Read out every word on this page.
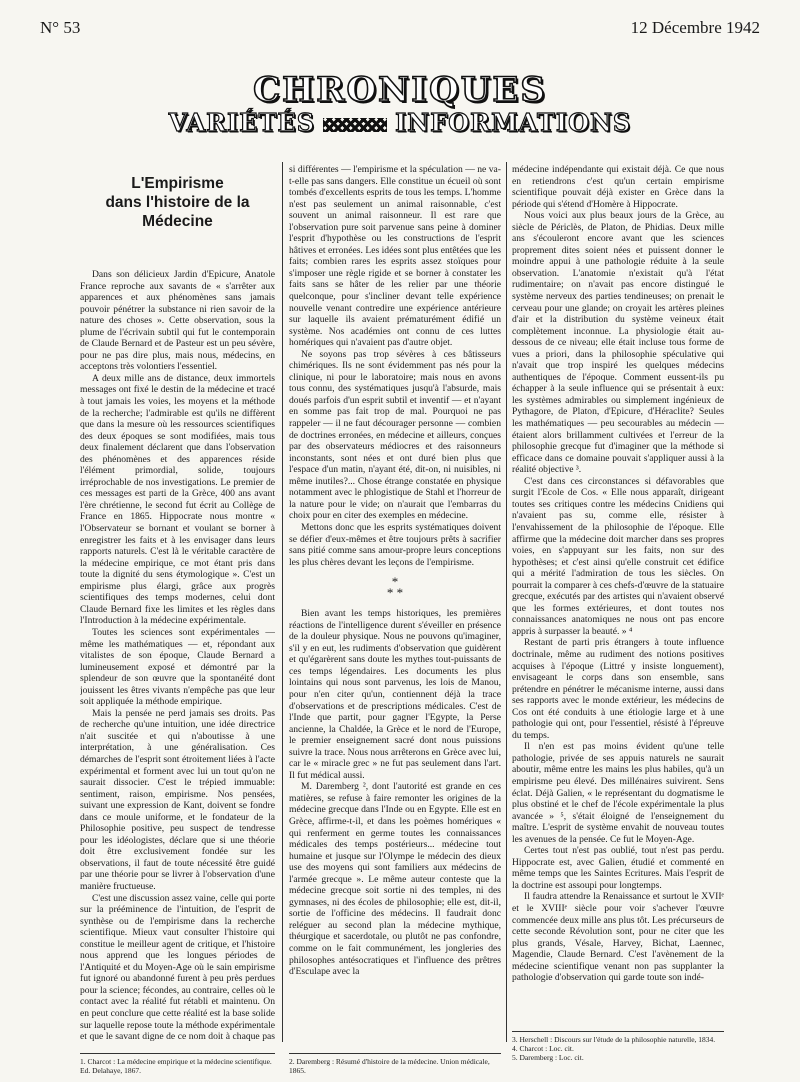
N° 53	12 Décembre 1942
CHRONIQUES
VARIÉTÉS	INFORMATIONS
L'Empirisme
dans l'histoire de la Médecine

Dans son délicieux Jardin d'Epicure, Anatole France reproche aux savants de « s'arrêter aux apparences et aux phénomènes sans jamais pouvoir pénétrer la substance ni rien savoir de la nature des choses ». Cette observation, sous la plume de l'écrivain subtil qui fut le contemporain de Claude Bernard et de Pasteur est un peu sévère, pour ne pas dire plus, mais nous, médecins, en acceptons très volontiers l'essentiel.

A deux mille ans de distance, deux immortels messages ont fixé le destin de la médecine et tracé à tout jamais les voies, les moyens et la méthode de la recherche; l'admirable est qu'ils ne diffèrent que dans la mesure où les ressources scientifiques des deux époques se sont modifiées, mais tous deux finalement déclarent que dans l'observation des phénomènes et des apparences réside l'élément primordial, solide, toujours irréprochable de nos investigations. Le premier de ces messages est parti de la Grèce, 400 ans avant l'ère chrétienne, le second fut écrit au Collège de France en 1865. Hippocrate nous montre « l'Observateur se bornant et voulant se borner à enregistrer les faits et à les envisager dans leurs rapports naturels. C'est là le véritable caractère de la médecine empirique, ce mot étant pris dans toute la dignité du sens étymologique ». C'est un empirisme plus élargi, grâce aux progrès scientifiques des temps modernes, celui dont Claude Bernard fixe les limites et les règles dans l'Introduction à la médecine expérimentale.

Toutes les sciences sont expérimentales — même les mathématiques — et, répondant aux vitalistes de son époque, Claude Bernard a lumineusement exposé et démontré par la splendeur de son œuvre que la spontanéité dont jouissent les êtres vivants n'empêche pas que leur soit appliquée la méthode empirique.

Mais la pensée ne perd jamais ses droits. Pas de recherche qu'une intuition, une idée directrice n'ait suscitée et qui n'aboutisse à une interprétation, à une généralisation. Ces démarches de l'esprit sont étroitement liées à l'acte expérimental et forment avec lui un tout qu'on ne saurait dissocier. C'est le trépied immuable: sentiment, raison, empirisme. Nos pensées, suivant une expression de Kant, doivent se fondre dans ce moule uniforme, et le fondateur de la Philosophie positive, peu suspect de tendresse pour les idéologistes, déclare que si une théorie doit être exclusivement fondée sur les observations, il faut de toute nécessité être guidé par une théorie pour se livrer à l'observation d'une manière fructueuse.

C'est une discussion assez vaine, celle qui porte sur la prééminence de l'intuition, de l'esprit de synthèse ou de l'empirisme dans la recherche scientifique. Mieux vaut consulter l'histoire qui constitue le meilleur agent de critique, et l'histoire nous apprend que les longues périodes de l'Antiquité et du Moyen-Age où le sain empirisme fut ignoré ou abandonné furent à peu près perdues pour la science; fécondes, au contraire, celles où le contact avec la réalité fut rétabli et maintenu. On en peut conclure que cette réalité est la base solide sur laquelle repose toute la méthode expérimentale et que le savant digne de ce nom doit à chaque pas

si différentes — l'empirisme et la spéculation — ne va-t-elle pas sans dangers. Elle constitue un écueil où sont tombés d'excellents esprits de tous les temps. L'homme n'est pas seulement un animal raisonnable, c'est souvent un animal raisonneur. Il est rare que l'observation pure soit parvenue sans peine à dominer l'esprit d'hypothèse ou les constructions de l'esprit hâtives et erronées. Les idées sont plus entêtées que les faits; combien rares les esprits assez stoïques pour s'imposer une règle rigide et se borner à constater les faits sans se hâter de les relier par une théorie quelconque, pour s'incliner devant telle expérience nouvelle venant contredire une expérience antérieure sur laquelle ils avaient prématurément édifié un système. Nos académies ont connu de ces luttes homériques qui n'avaient pas d'autre objet.

Ne soyons pas trop sévères à ces bâtisseurs chimériques. Ils ne sont évidemment pas nés pour la clinique, ni pour le laboratoire; mais nous en avons tous connu, des systématiques jusqu'à l'absurde, mais doués parfois d'un esprit subtil et inventif — et n'ayant en somme pas fait trop de mal. Pourquoi ne pas rappeler — il ne faut décourager personne — combien de doctrines erronées, en médecine et ailleurs, conçues par des observateurs médiocres et des raisonneurs inconstants, sont nées et ont duré bien plus que l'espace d'un matin, n'ayant été, dit-on, ni nuisibles, ni même inutiles?... Chose étrange constatée en physique notamment avec le phlogistique de Stahl et l'horreur de la nature pour le vide; on n'aurait que l'embarras du choix pour en citer des exemples en médecine.

Mettons donc que les esprits systématiques doivent se défier d'eux-mêmes et être toujours prêts à sacrifier sans pitié comme sans amour-propre leurs conceptions les plus chères devant les leçons de l'empirisme.

*
* *

Bien avant les temps historiques, les premières réactions de l'intelligence durent s'éveiller en présence de la douleur physique. Nous ne pouvons qu'imaginer, s'il y en eut, les rudiments d'observation que guidèrent et qu'égarèrent sans doute les mythes tout-puissants de ces temps légendaires. Les documents les plus lointains qui nous sont parvenus, les lois de Manou, pour n'en citer qu'un, contiennent déjà la trace d'observations et de prescriptions médicales. C'est de l'Inde que partit, pour gagner l'Egypte, la Perse ancienne, la Chaldée, la Grèce et le nord de l'Europe, le premier enseignement sacré dont nous puissions suivre la trace. Nous nous arrêterons en Grèce avec lui, car le « miracle grec » ne fut pas seulement dans l'art. Il fut médical aussi.

M. Daremberg ², dont l'autorité est grande en ces matières, se refuse à faire remonter les origines de la médecine grecque dans l'Inde ou en Egypte. Elle est en Grèce, affirme-t-il, et dans les poèmes homériques « qui renferment en germe toutes les connaissances médicales des temps postérieurs... médecine tout humaine et jusque sur l'Olympe le médecin des dieux use des moyens qui sont familiers aux médecins de l'armée grecque ». Le même auteur conteste que la médecine grecque soit sortie ni des temples, ni des gymnases, ni des écoles de philosophie; elle est, dit-il, sortie de l'officine des médecins. Il faudrait donc reléguer au second plan la médecine mythique, théurgique et sacerdotale, ou plutôt ne pas confondre, comme on le fait communément, les jongleries des philosophes antésocratiques et l'influence des prêtres d'Esculape avec la

médecine indépendante qui existait déjà. Ce que nous en retiendrons c'est qu'un certain empirisme scientifique pouvait déjà exister en Grèce dans la période qui s'étend d'Homère à Hippocrate.

Nous voici aux plus beaux jours de la Grèce, au siècle de Périclès, de Platon, de Phidias. Deux mille ans s'écouleront encore avant que les sciences proprement dites soient nées et puissent donner le moindre appui à une pathologie réduite à la seule observation. L'anatomie n'existait qu'à l'état rudimentaire; on n'avait pas encore distingué le système nerveux des parties tendineuses; on prenait le cerveau pour une glande; on croyait les artères pleines d'air et la distribution du système veineux était complètement inconnue. La physiologie était au-dessous de ce niveau; elle était incluse tous forme de vues a priori, dans la philosophie spéculative qui n'avait que trop inspiré les quelques médecins authentiques de l'époque. Comment eussent-ils pu échapper à la seule influence qui se présentait à eux: les systèmes admirables ou simplement ingénieux de Pythagore, de Platon, d'Epicure, d'Héraclite? Seules les mathématiques — peu secourables au médecin — étaient alors brillamment cultivées et l'erreur de la philosophie grecque fut d'imaginer que la méthode si efficace dans ce domaine pouvait s'appliquer aussi à la réalité objective ³.

C'est dans ces circonstances si défavorables que surgit l'Ecole de Cos. « Elle nous apparaît, dirigeant toutes ses critiques contre les médecins Cnidiens qui n'avaient pas su, comme elle, résister à l'envahissement de la philosophie de l'époque. Elle affirme que la médecine doit marcher dans ses propres voies, en s'appuyant sur les faits, non sur des hypothèses; et c'est ainsi qu'elle construit cet édifice qui a mérité l'admiration de tous les siècles. On pourrait la comparer à ces chefs-d'œuvre de la statuaire grecque, exécutés par des artistes qui n'avaient observé que les formes extérieures, et dont toutes nos connaissances anatomiques ne nous ont pas encore appris à surpasser la beauté. » ⁴

Restant de parti pris étrangers à toute influence doctrinale, même au rudiment des notions positives acquises à l'époque (Littré y insiste longuement), envisageant le corps dans son ensemble, sans prétendre en pénétrer le mécanisme interne, aussi dans ses rapports avec le monde extérieur, les médecins de Cos ont été conduits à une étiologie large et à une pathologie qui ont, pour l'essentiel, résisté à l'épreuve du temps.

Il n'en est pas moins évident qu'une telle pathologie, privée de ses appuis naturels ne saurait aboutir, même entre les mains les plus habiles, qu'à un empirisme peu élevé. Des millénaires suivirent. Sens éclat. Déjà Galien, « le représentant du dogmatisme le plus obstiné et le chef de l'école expérimentale la plus avancée » ⁵, s'était éloigné de l'enseignement du maître. L'esprit de système envahit de nouveau toutes les avenues de la pensée. Ce fut le Moyen-Age.

Certes tout n'est pas oublié, tout n'est pas perdu. Hippocrate est, avec Galien, étudié et commenté en même temps que les Saintes Ecritures. Mais l'esprit de la doctrine est assoupi pour longtemps.

Il faudra attendre la Renaissance et surtout le XVIIᵉ et le XVIIIᵉ siècle pour voir s'achever l'œuvre commencée deux mille ans plus tôt. Les précurseurs de cette seconde Révolution sont, pour ne citer que les plus grands, Vésale, Harvey, Bichat, Laennec, Magendie, Claude Bernard. C'est l'avènement de la médecine scientifique venant non pas supplanter la pathologie d'observation qui garde toute son indé-

1. Charcot : La médecine empirique et la médecine scientifique. Ed. Delahaye, 1867.
2. Daremberg : Résumé d'histoire de la médecine. Union médicale, 1865.
3. Herschell : Discours sur l'étude de la philosophie naturelle, 1834.
4. Charcot : Loc. cit.
5. Daremberg : Loc. cit.
